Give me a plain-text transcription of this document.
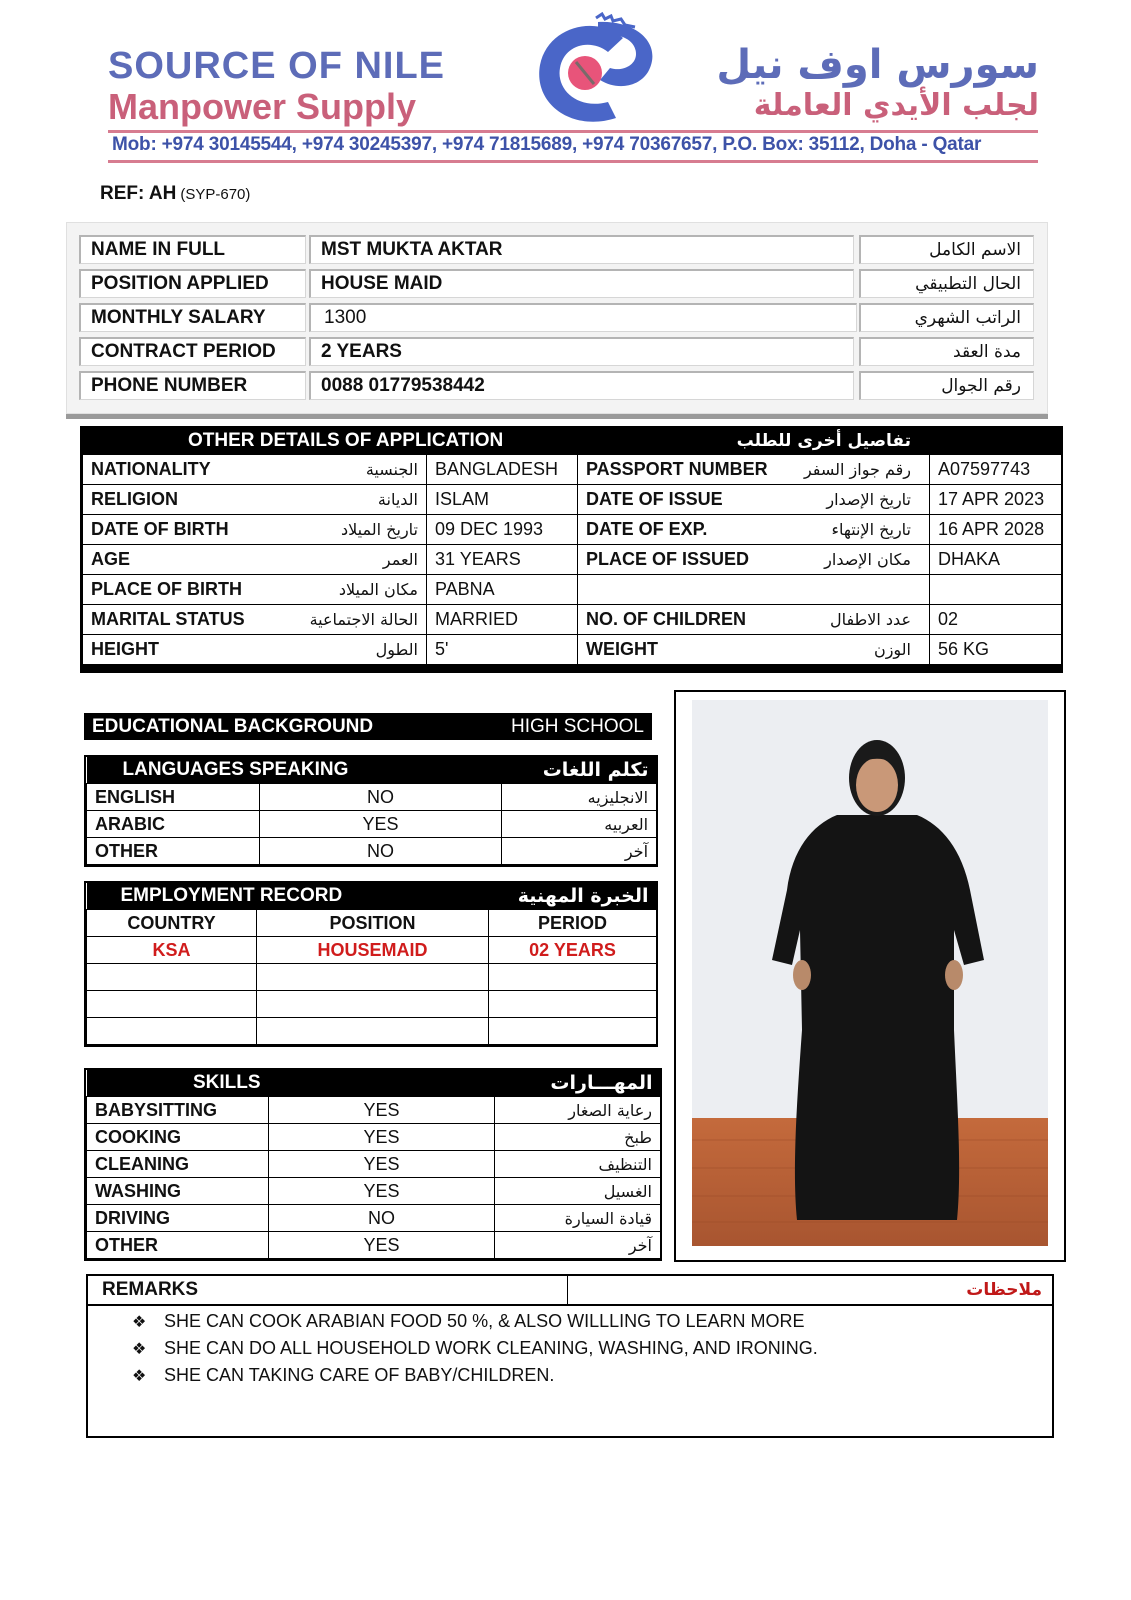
SOURCE OF NILE
Manpower Supply
سورس اوف نيل
لجلب الأيدي العاملة
Mob: +974 30145544, +974 30245397, +974 71815689, +974 70367657, P.O. Box: 35112, Doha - Qatar
REF: AH (SYP-670)
NAME IN FULL	MST MUKTA AKTAR	الاسم الكامل
POSITION APPLIED	HOUSE MAID	الحال التطبيقي
MONTHLY SALARY	1300	الراتب الشهري
CONTRACT PERIOD	2 YEARS	مدة العقد
PHONE NUMBER	0088 01779538442	رقم الجوال
OTHER DETAILS OF APPLICATION	تفاصيل أخرى للطلب
NATIONALITY الجنسية	BANGLADESH	PASSPORT NUMBER رقم جواز السفر	A07597743

RELIGION الديانة	ISLAM	DATE OF ISSUE تاريخ الإصدار	17 APR 2023

DATE OF BIRTH تاريخ الميلاد	09 DEC 1993	DATE OF EXP. تاريخ الإنتهاء	16 APR 2028

AGE العمر	31 YEARS	PLACE OF ISSUED مكان الإصدار	DHAKA

PLACE OF BIRTH مكان الميلاد	PABNA	

MARITAL STATUS الحالة الاجتماعية	MARRIED	NO. OF CHILDREN عدد الاطفال	02

HEIGHT الطول	5'	WEIGHT الوزن	56 KG
EDUCATIONAL BACKGROUND	HIGH SCHOOL
LANGUAGES SPEAKING		تكلم اللغات
ENGLISH	NO	الانجليزيه
ARABIC	YES	العربيه
OTHER	NO	آخر
EMPLOYMENT RECORD		الخبرة المهنية
COUNTRY	POSITION	PERIOD
KSA	HOUSEMAID	02 YEARS

SKILLS		المهـــارات
BABYSITTING	YES	رعاية الصغار
COOKING	YES	طبخ
CLEANING	YES	التنظيف
WASHING	YES	الغسيل
DRIVING	NO	قيادة السيارة
OTHER	YES	آخر
REMARKS	ملاحظات
❖ SHE CAN COOK ARABIAN FOOD 50 %, & ALSO WILLLING TO LEARN MORE
❖ SHE CAN DO ALL HOUSEHOLD WORK CLEANING, WASHING, AND IRONING.
❖ SHE CAN TAKING CARE OF BABY/CHILDREN.
